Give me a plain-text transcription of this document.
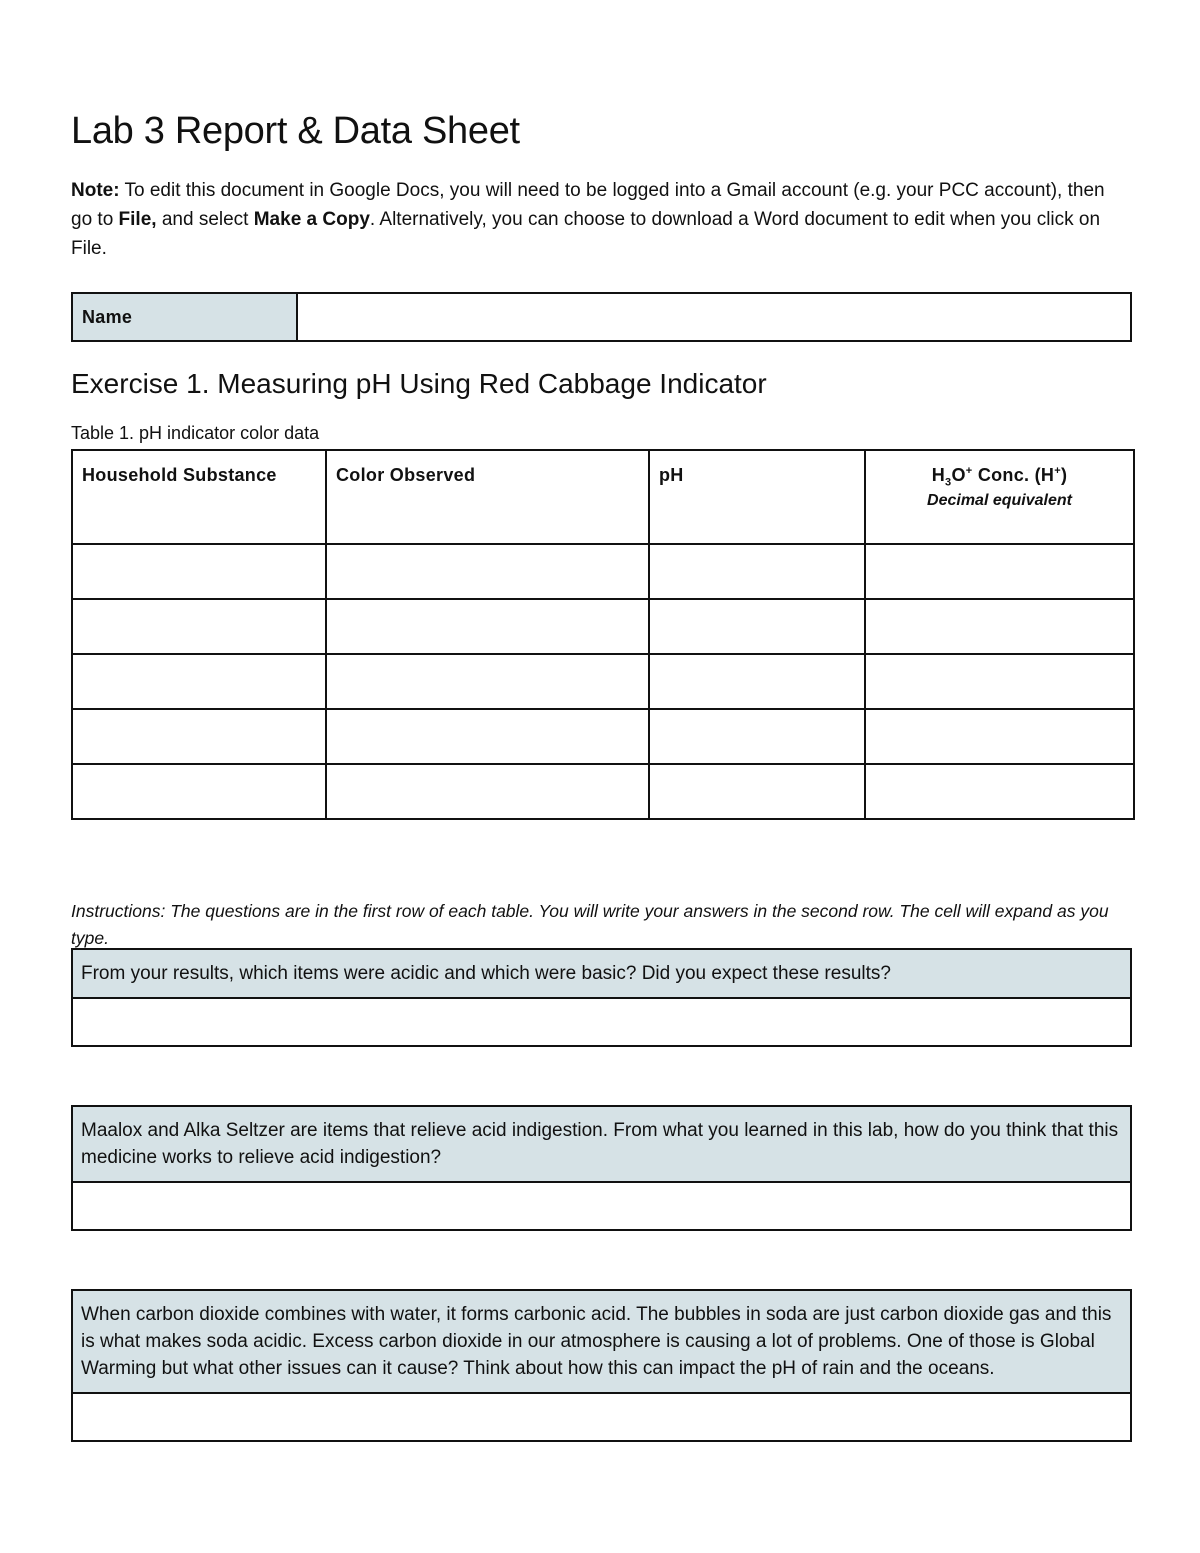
Lab 3 Report & Data Sheet
Note: To edit this document in Google Docs, you will need to be logged into a Gmail account (e.g. your PCC account), then go to File, and select Make a Copy. Alternatively, you can choose to download a Word document to edit when you click on File.
Name
Exercise 1. Measuring pH Using Red Cabbage Indicator
Table 1. pH indicator color data
Household Substance	Color Observed	pH	$H_3O^+$ Conc. (H+)
Decimal equivalent

Instructions: The questions are in the first row of each table. You will write your answers in the second row. The cell will expand as you type.
From your results, which items were acidic and which were basic? Did you expect these results?
Maalox and Alka Seltzer are items that relieve acid indigestion. From what you learned in this lab, how do you think that this medicine works to relieve acid indigestion?
When carbon dioxide combines with water, it forms carbonic acid. The bubbles in soda are just carbon dioxide gas and this is what makes soda acidic. Excess carbon dioxide in our atmosphere is causing a lot of problems. One of those is Global Warming but what other issues can it cause? Think about how this can impact the pH of rain and the oceans.
